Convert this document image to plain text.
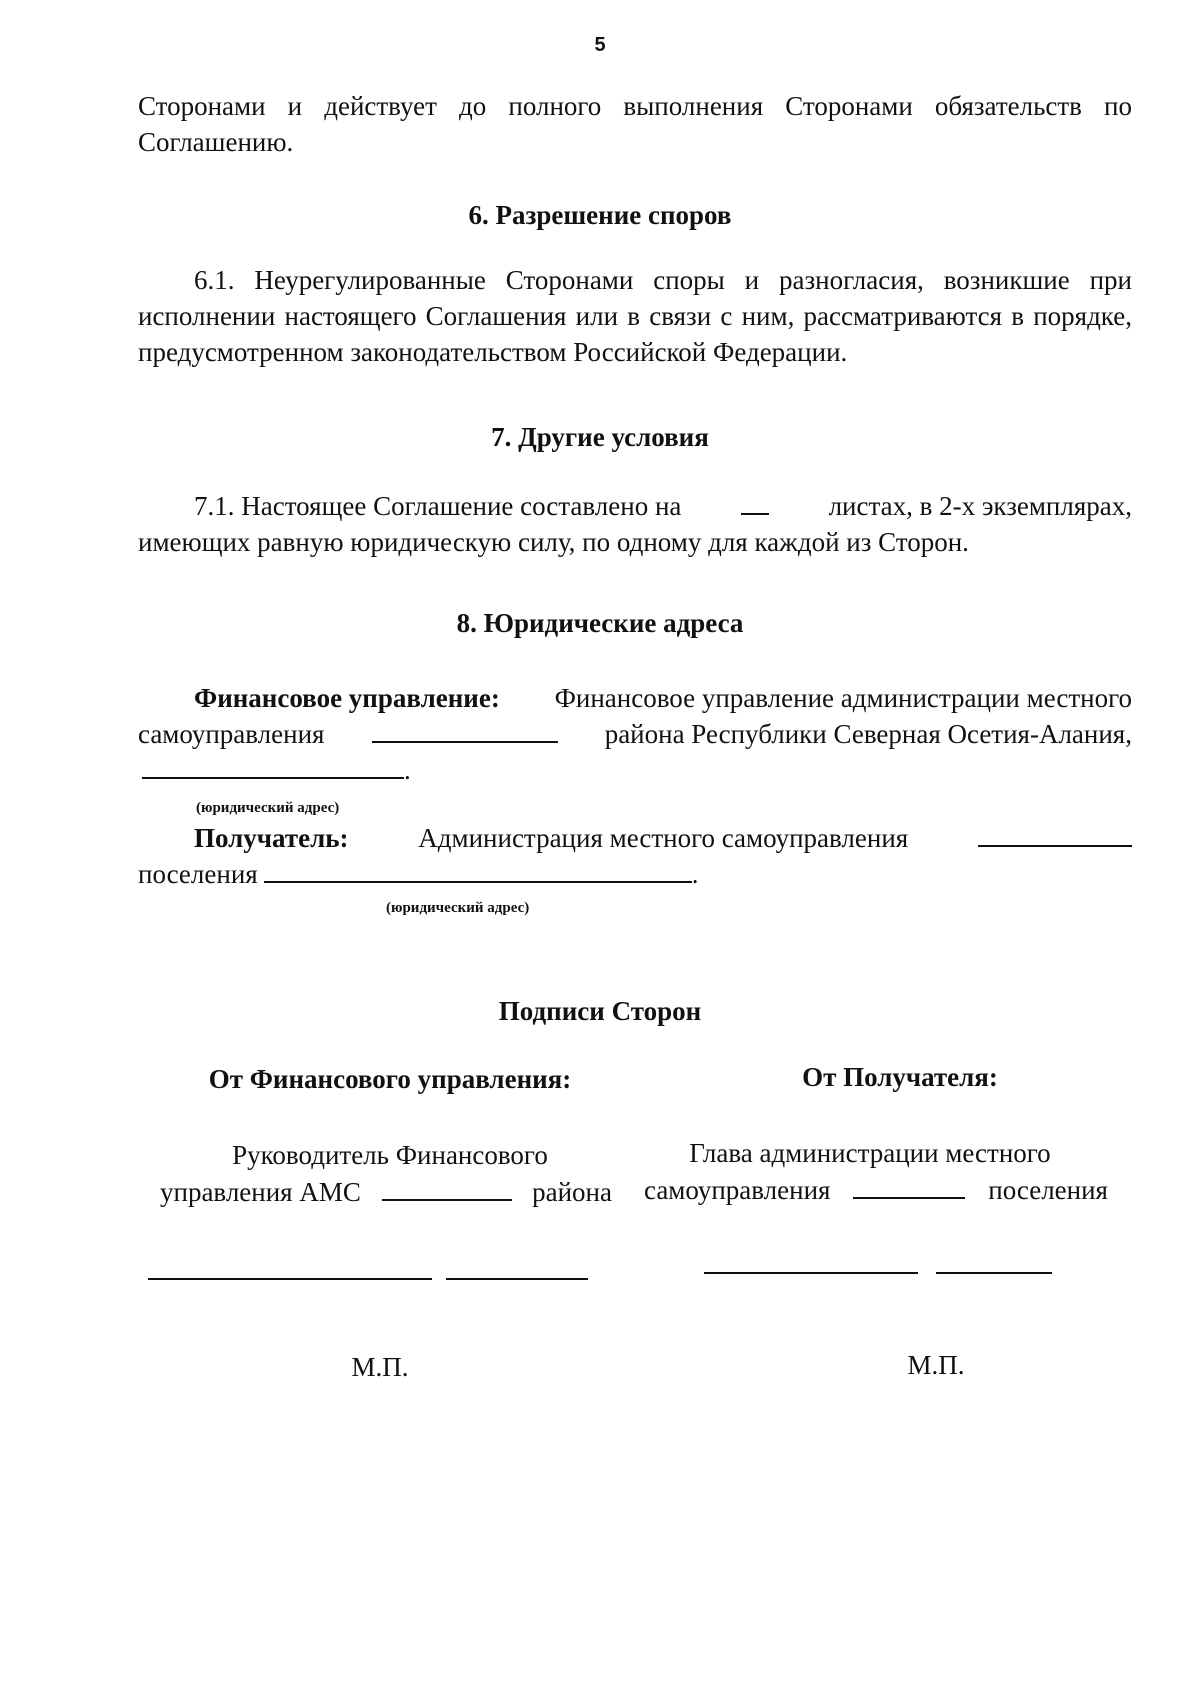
5

Сторонами и действует до полного выполнения Сторонами обязательств по Соглашению.

6. Разрешение споров

6.1. Неурегулированные Сторонами споры и разногласия, возникшие при исполнении настоящего Соглашения или в связи с ним, рассматриваются в порядке, предусмотренном законодательством Российской Федерации.

7. Другие условия
7.1. Настоящее Соглашение составлено на	листах, в 2-х экземплярах,
имеющих равную юридическую силу, по одному для каждой из Сторон.
8. Юридические адреса
Финансовое управление: Финансовое управление администрации местного
самоуправления	района Республики Северная Осетия-Алания,
.
(юридический адрес)
Получатель:	Администрация местного самоуправления
поселения	.
(юридический адрес)
Подписи Сторон
От Финансового управления:	От Получателя:
Руководитель Финансового
управления АМС	района
Глава администрации местного
самоуправления	поселения
М.П.	М.П.
